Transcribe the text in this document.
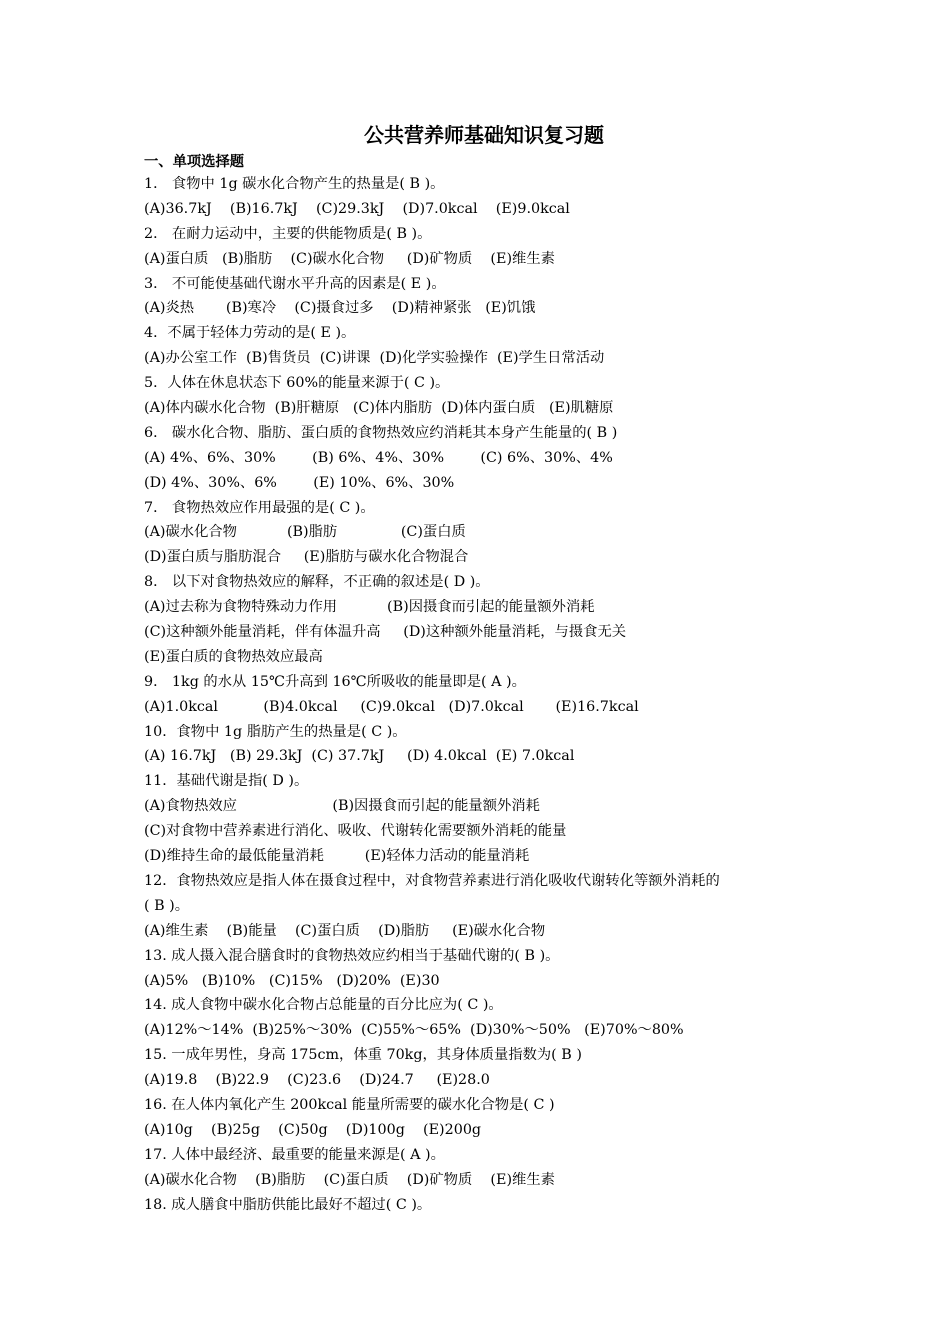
公共营养师基础知识复习题
一、单项选择题
1． 食物中 1g 碳水化合物产生的热量是( B )。
(A)36.7kJ    (B)16.7kJ    (C)29.3kJ    (D)7.0kcal    (E)9.0kcal
2． 在耐力运动中，主要的供能物质是( B )。
(A)蛋白质   (B)脂肪    (C)碳水化合物     (D)矿物质    (E)维生素
3． 不可能使基础代谢水平升高的因素是( E )。
(A)炎热       (B)寒冷    (C)摄食过多    (D)精神紧张   (E)饥饿
4．不属于轻体力劳动的是( E )。
(A)办公室工作  (B)售货员  (C)讲课  (D)化学实验操作  (E)学生日常活动
5．人体在休息状态下 60%的能量来源于( C )。
(A)体内碳水化合物  (B)肝糖原   (C)体内脂肪  (D)体内蛋白质   (E)肌糖原
6． 碳水化合物、脂肪、蛋白质的食物热效应约消耗其本身产生能量的( B )
(A) 4%、6%、30%        (B) 6%、4%、30%        (C) 6%、30%、4%
(D) 4%、30%、6%        (E) 10%、6%、30%
7． 食物热效应作用最强的是( C )。
(A)碳水化合物           (B)脂肪              (C)蛋白质
(D)蛋白质与脂肪混合     (E)脂肪与碳水化合物混合
8． 以下对食物热效应的解释，不正确的叙述是( D )。
(A)过去称为食物特殊动力作用           (B)因摄食而引起的能量额外消耗
(C)这种额外能量消耗，伴有体温升高     (D)这种额外能量消耗，与摄食无关
(E)蛋白质的食物热效应最高
9． 1kg 的水从 15℃升高到 16℃所吸收的能量即是( A )。
(A)1.0kcal          (B)4.0kcal     (C)9.0kcal   (D)7.0kcal       (E)16.7kcal
10．食物中 1g 脂肪产生的热量是( C )。
(A) 16.7kJ   (B) 29.3kJ  (C) 37.7kJ     (D) 4.0kcal  (E) 7.0kcal
11．基础代谢是指( D )。
(A)食物热效应                     (B)因摄食而引起的能量额外消耗
(C)对食物中营养素进行消化、吸收、代谢转化需要额外消耗的能量
(D)维持生命的最低能量消耗         (E)轻体力活动的能量消耗
12．食物热效应是指人体在摄食过程中，对食物营养素进行消化吸收代谢转化等额外消耗的
( B )。
(A)维生素    (B)能量    (C)蛋白质    (D)脂肪     (E)碳水化合物
13. 成人摄入混合膳食时的食物热效应约相当于基础代谢的( B )。
(A)5%   (B)10%   (C)15%   (D)20%  (E)30
14. 成人食物中碳水化合物占总能量的百分比应为( C )。
(A)12%～14%  (B)25%～30%  (C)55%～65%  (D)30%～50%   (E)70%～80%
15. 一成年男性，身高 175cm，体重 70kg，其身体质量指数为( B )
(A)19.8    (B)22.9    (C)23.6    (D)24.7     (E)28.0
16. 在人体内氧化产生 200kcal 能量所需要的碳水化合物是( C )
(A)10g    (B)25g    (C)50g    (D)100g    (E)200g
17. 人体中最经济、最重要的能量来源是( A )。
(A)碳水化合物    (B)脂肪    (C)蛋白质    (D)矿物质    (E)维生素
18. 成人膳食中脂肪供能比最好不超过( C )。
